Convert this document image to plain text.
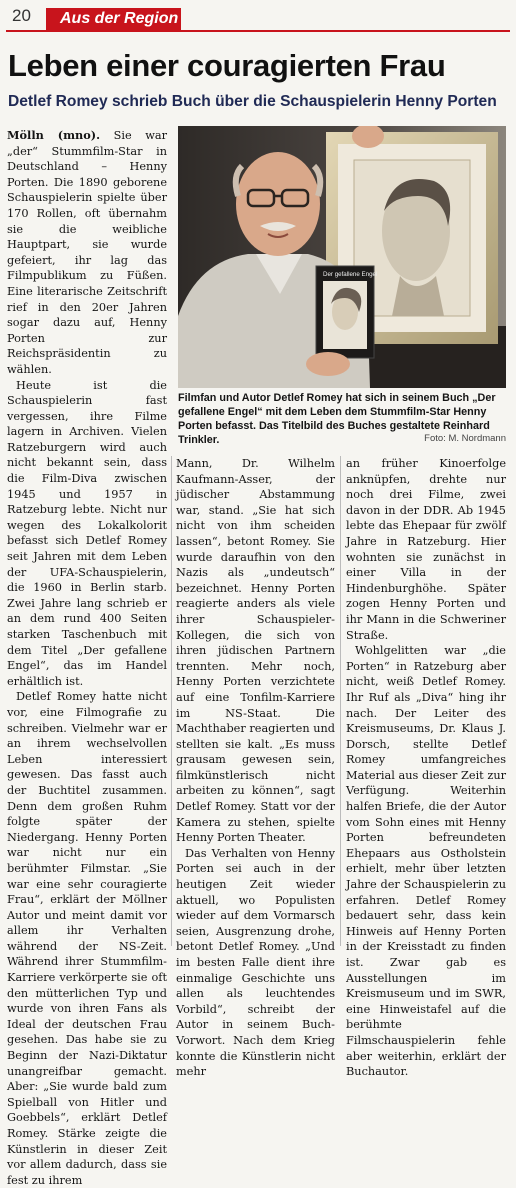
20	Aus der Region
Leben einer couragierten Frau
Detlef Romey schrieb Buch über die Schauspielerin Henny Porten

Mölln (mno). Sie war „der“ Stummfilm-Star in Deutschland – Henny Porten. Die 1890 geborene Schauspielerin spielte über 170 Rollen, oft übernahm sie die weibliche Hauptpart, sie wurde gefeiert, ihr lag das Filmpublikum zu Füßen. Eine literarische Zeitschrift rief in den 20er Jahren sogar dazu auf, Henny Porten zur Reichspräsidentin zu wählen.

Heute ist die Schauspielerin fast vergessen, ihre Filme lagern in Archiven. Vielen Ratzeburgern wird auch nicht bekannt sein, dass die Film-Diva zwischen 1945 und 1957 in Ratzeburg lebte. Nicht nur wegen des Lokalkolorit befasst sich Detlef Romey seit Jahren mit dem Leben der UFA-Schauspielerin, die 1960 in Berlin starb. Zwei Jahre lang schrieb er an dem rund 400 Seiten starken Taschenbuch mit dem Titel „Der gefallene Engel“, das im Handel erhältlich ist.

Detlef Romey hatte nicht vor, eine Filmografie zu schreiben. Vielmehr war er an ihrem wechselvollen Leben interessiert gewesen. Das fasst auch der Buchtitel zusammen. Denn dem großen Ruhm folgte später der Niedergang. Henny Porten war nicht nur ein berühmter Filmstar. „Sie war eine sehr couragierte Frau“, erklärt der Möllner Autor und meint damit vor allem ihr Verhalten während der NS-Zeit. Während ihrer Stummfilm-Karriere verkörperte sie oft den mütterlichen Typ und wurde von ihren Fans als Ideal der deutschen Frau gesehen. Das habe sie zu Beginn der Nazi-Diktatur unangreifbar gemacht. Aber: „Sie wurde bald zum Spielball von Hitler und Goebbels“, erklärt Detlef Romey. Stärke zeigte die Künstlerin in dieser Zeit vor allem dadurch, dass sie fest zu ihrem

Der gefallene Engel
Filmfan und Autor Detlef Romey hat sich in seinem Buch „Der gefallene Engel“ mit dem Leben dem Stummfilm-Star Henny Porten befasst. Das Titelbild des Buches gestaltete Reinhard Trinkler.	Foto: M. Nordmann

Mann, Dr. Wilhelm Kaufmann-Asser, der jüdischer Abstammung war, stand. „Sie hat sich nicht von ihm scheiden lassen“, betont Romey. Sie wurde daraufhin von den Nazis als „undeutsch“ bezeichnet. Henny Porten reagierte anders als viele ihrer Schauspieler-Kollegen, die sich von ihren jüdischen Partnern trennten. Mehr noch, Henny Porten verzichtete auf eine Tonfilm-Karriere im NS-Staat. Die Machthaber reagierten und stellten sie kalt. „Es muss grausam gewesen sein, filmkünstlerisch nicht arbeiten zu können“, sagt Detlef Romey. Statt vor der Kamera zu stehen, spielte Henny Porten Theater.

Das Verhalten von Henny Porten sei auch in der heutigen Zeit wieder aktuell, wo Populisten wieder auf dem Vormarsch seien, Ausgrenzung drohe, betont Detlef Romey. „Und im besten Falle dient ihre einmalige Geschichte uns allen als leuchtendes Vorbild“, schreibt der Autor in seinem Buch-Vorwort. Nach dem Krieg konnte die Künstlerin nicht mehr

an früher Kinoerfolge anknüpfen, drehte nur noch drei Filme, zwei davon in der DDR. Ab 1945 lebte das Ehepaar für zwölf Jahre in Ratzeburg. Hier wohnten sie zunächst in einer Villa in der Hindenburghöhe. Später zogen Henny Porten und ihr Mann in die Schweriner Straße.

Wohlgelitten war „die Porten“ in Ratzeburg aber nicht, weiß Detlef Romey. Ihr Ruf als „Diva“ hing ihr nach. Der Leiter des Kreismuseums, Dr. Klaus J. Dorsch, stellte Detlef Romey umfangreiches Material aus dieser Zeit zur Verfügung. Weiterhin halfen Briefe, die der Autor vom Sohn eines mit Henny Porten befreundeten Ehepaars aus Ostholstein erhielt, mehr über letzten Jahre der Schauspielerin zu erfahren. Detlef Romey bedauert sehr, dass kein Hinweis auf Henny Porten in der Kreisstadt zu finden ist. Zwar gab es Ausstellungen im Kreismuseum und im SWR, eine Hinweistafel auf die berühmte Filmschauspielerin fehle aber weiterhin, erklärt der Buchautor.
